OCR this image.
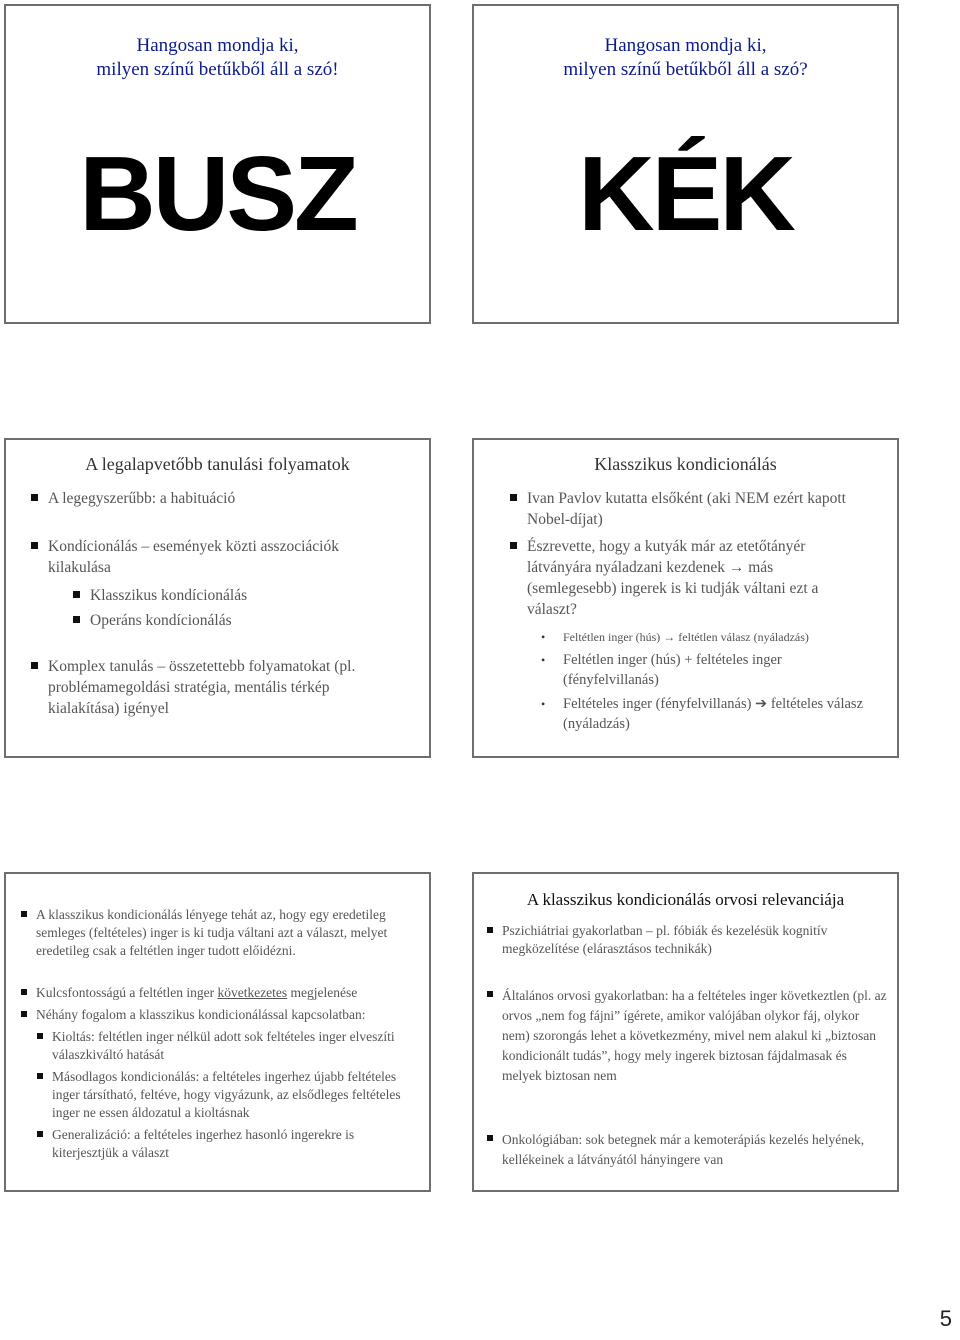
Hangosan mondja ki,
milyen színű betűkből áll a szó!
BUSZ
Hangosan mondja ki,
milyen színű betűkből áll a szó?
KÉK
A legalapvetőbb tanulási folyamatok
A legegyszerűbb: a habituáció
Kondícionálás – események közti asszociációk kilakulása
Klasszikus kondícionálás
Operáns kondícionálás
Komplex tanulás – összetettebb folyamatokat (pl. problémamegoldási stratégia, mentális térkép kialakítása) igényel
Klasszikus kondicionálás
Ivan Pavlov kutatta elsőként (aki NEM ezért kapott Nobel-díjat)
Észrevette, hogy a kutyák már az etetőtányér látványára nyáladzani kezdenek → más (semlegesebb) ingerek is ki tudják váltani ezt a választ?
• Feltétlen inger (hús) → feltétlen válasz (nyáladzás)
• Feltétlen inger (hús) + feltételes inger (fényfelvillanás)
• Feltételes inger (fényfelvillanás) ➔ feltételes válasz (nyáladzás)
A klasszikus kondicionálás lényege tehát az, hogy egy eredetileg semleges (feltételes) inger is ki tudja váltani azt a választ, melyet eredetileg csak a feltétlen inger tudott előidézni.
Kulcsfontosságú a feltétlen inger következetes megjelenése
Néhány fogalom a klasszikus kondicionálással kapcsolatban:
Kioltás: feltétlen inger nélkül adott sok feltételes inger elveszíti válaszkiváltó hatását
Másodlagos kondicionálás: a feltételes ingerhez újabb feltételes inger társítható, feltéve, hogy vigyázunk, az elsődleges feltételes inger ne essen áldozatul a kioltásnak
Generalizáció: a feltételes ingerhez hasonló ingerekre is kiterjesztjük a választ
A klasszikus kondicionálás orvosi relevanciája
Pszichiátriai gyakorlatban – pl. fóbiák és kezelésük kognitív megközelítése (elárasztásos technikák)
Általános orvosi gyakorlatban: ha a feltételes inger következtlen (pl. az orvos „nem fog fájni” ígérete, amikor valójában olykor fáj, olykor nem) szorongás lehet a következmény, mivel nem alakul ki „biztosan kondicionált tudás”, hogy mely ingerek biztosan fájdalmasak és melyek biztosan nem
Onkológiában: sok betegnek már a kemoterápiás kezelés helyének, kellékeinek a látványától hányingere van
5
